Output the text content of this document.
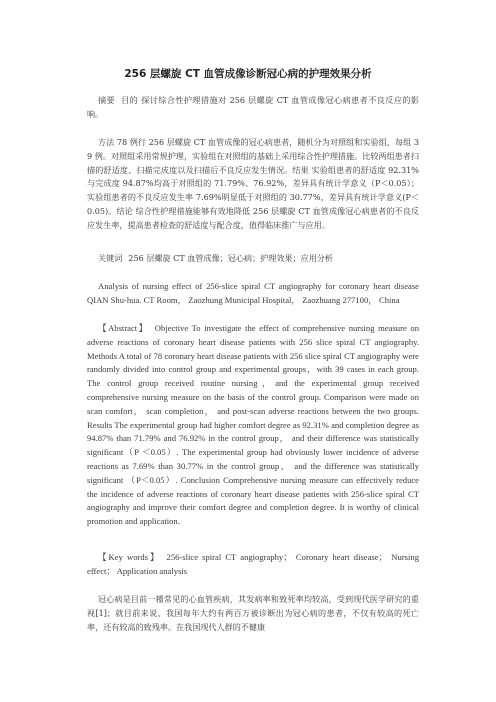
256 层螺旋 CT 血管成像诊断冠心病的护理效果分析
摘要 目的 探讨综合性护理措施对 256 层螺旋 CT 血管成像冠心病患者不良反应的影响。
方法 78 例行 256 层螺旋 CT 血管成像的冠心病患者，随机分为对照组和实验组，每组 39 例。对照组采用常规护理，实验组在对照组的基础上采用综合性护理措施。比较两组患者扫描的舒适度、扫描完成度以及扫描后不良反应发生情况。结果 实验组患者的舒适度 92.31%与完成度 94.87%均高于对照组的 71.79%、76.92%，差异具有统计学意义（P＜0.05）；实验组患者的不良反应发生率 7.69%明显低于对照组的 30.77%，差异具有统计学意义(P＜0.05)。结论 综合性护理措施能够有效地降低 256 层螺旋 CT 血管成像冠心病患者的不良反应发生率，提高患者检查的舒适度与配合度，值得临床推广与应用。
关键词 256 层螺旋 CT 血管成像；冠心病；护理效果；应用分析
Analysis of nursing effect of 256-slice spiral CT angiography for coronary heart disease QIAN Shu-hua. CT Room， Zaozhung Municipal Hospital， Zaozhuang 277100， China
【Abstract】 Objective To investigate the effect of comprehensive nursing measure on adverse reactions of coronary heart disease patients with 256 slice spiral CT angiography. Methods A total of 78 coronary heart disease patients with 256 slice spiral CT angiography were randomly divided into control group and experimental groups，with 39 cases in each group. The control group received routine nursing，and the experimental group received comprehensive nursing measure on the basis of the control group. Comparison were made on scan comfort， scan completion， and post-scan adverse reactions between the two groups. Results The experimental group had higher comfort degree as 92.31% and completion degree as 94.87% than 71.79% and 76.92% in the control group， and their difference was statistically significant（P ＜0.05）. The experimental group had obviously lower incidence of adverse reactions as 7.69% than 30.77% in the control group， and the difference was statistically significant （P＜0.05）. Conclusion Comprehensive nursing measure can effectively reduce the incidence of adverse reactions of coronary heart disease patients with 256-slice spiral CT angiography and improve their comfort degree and completion degree. It is worthy of clinical promotion and application.
【Key words】 256-slice spiral CT angiography； Coronary heart disease； Nursing effect； Application analysis
冠心病是目前一種常见的心血管疾病，其发病率和致死率均较高，受到现代医学研究的重视[1]；就目前来说，我国每年大约有两百万被诊断出为冠心病的患者，不仅有较高的死亡率，还有较高的致残率。在我国现代人群的不健康
